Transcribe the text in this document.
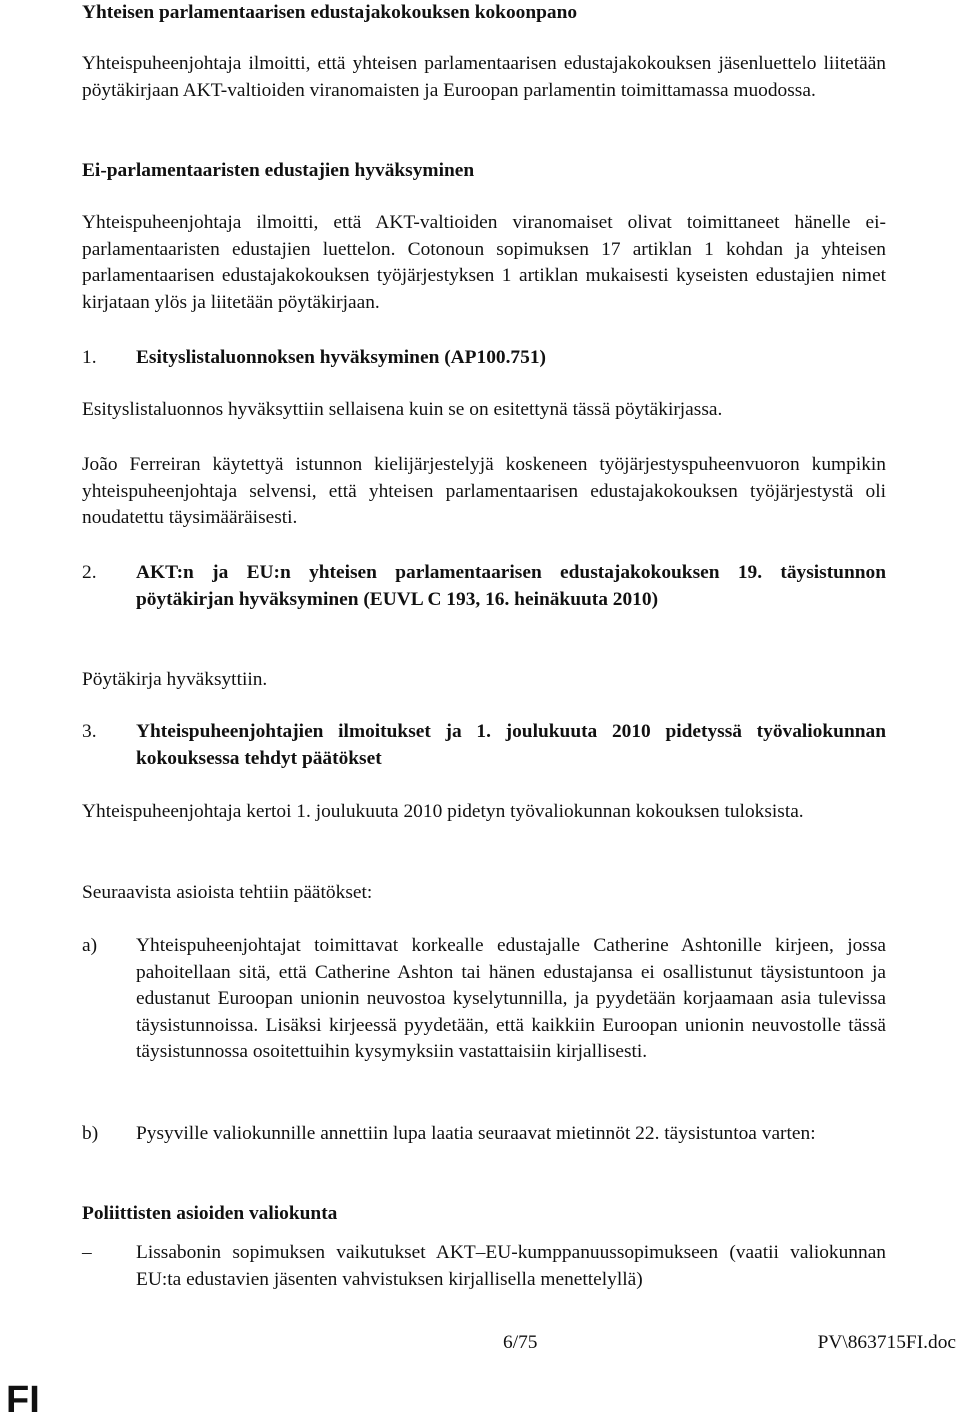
Yhteisen parlamentaarisen edustajakokouksen kokoonpano

Yhteispuheenjohtaja ilmoitti, että yhteisen parlamentaarisen edustajakokouksen jäsenluettelo liitetään pöytäkirjaan AKT-valtioiden viranomaisten ja Euroopan parlamentin toimittamassa muodossa.

Ei-parlamentaaristen edustajien hyväksyminen

Yhteispuheenjohtaja ilmoitti, että AKT-valtioiden viranomaiset olivat toimittaneet hänelle ei-parlamentaaristen edustajien luettelon. Cotonoun sopimuksen 17 artiklan 1 kohdan ja yhteisen parlamentaarisen edustajakokouksen työjärjestyksen 1 artiklan mukaisesti kyseisten edustajien nimet kirjataan ylös ja liitetään pöytäkirjaan.

1.	Esityslistaluonnoksen hyväksyminen (AP100.751)

Esityslistaluonnos hyväksyttiin sellaisena kuin se on esitettynä tässä pöytäkirjassa.

João Ferreiran käytettyä istunnon kielijärjestelyjä koskeneen työjärjestyspuheenvuoron kumpikin yhteispuheenjohtaja selvensi, että yhteisen parlamentaarisen edustajakokouksen työjärjestystä oli noudatettu täysimääräisesti.

2.	AKT:n ja EU:n yhteisen parlamentaarisen edustajakokouksen 19. täysistunnon pöytäkirjan hyväksyminen (EUVL C 193, 16. heinäkuuta 2010)

Pöytäkirja hyväksyttiin.

3.	Yhteispuheenjohtajien ilmoitukset ja 1. joulukuuta 2010 pidetyssä työvaliokunnan kokouksessa tehdyt päätökset

Yhteispuheenjohtaja kertoi 1. joulukuuta 2010 pidetyn työvaliokunnan kokouksen tuloksista.

Seuraavista asioista tehtiin päätökset:

a)	Yhteispuheenjohtajat toimittavat korkealle edustajalle Catherine Ashtonille kirjeen, jossa pahoitellaan sitä, että Catherine Ashton tai hänen edustajansa ei osallistunut täysistuntoon ja edustanut Euroopan unionin neuvostoa kyselytunnilla, ja pyydetään korjaamaan asia tulevissa täysistunnoissa. Lisäksi kirjeessä pyydetään, että kaikkiin Euroopan unionin neuvostolle tässä täysistunnossa osoitettuihin kysymyksiin vastattaisiin kirjallisesti.
b)	Pysyville valiokunnille annettiin lupa laatia seuraavat mietinnöt 22. täysistuntoa varten:
Poliittisten asioiden valiokunta
–	Lissabonin sopimuksen vaikutukset AKT–EU-kumppanuussopimukseen (vaatii valiokunnan EU:ta edustavien jäsenten vahvistuksen kirjallisella menettelyllä)
6/75	PV\863715FI.doc
FI
